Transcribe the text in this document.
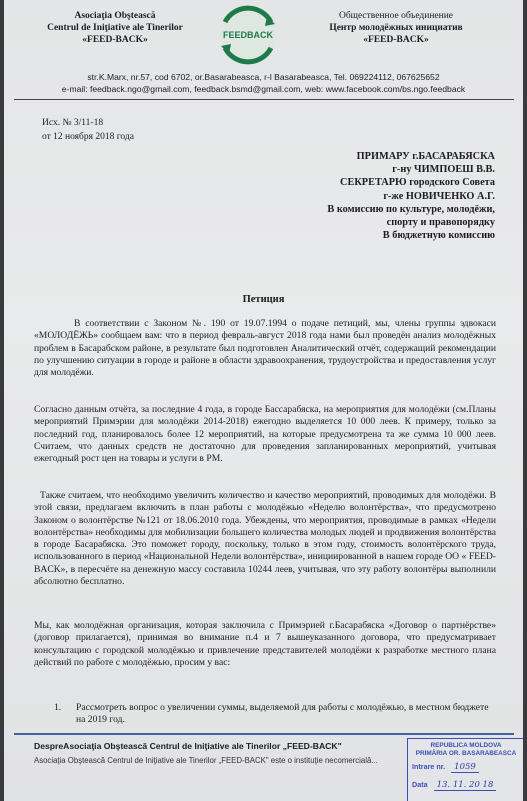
Asociaţia Obştească
Centrul de Iniţiative ale Tinerilor
«FEED-BACK»	FEEDBACK
Общественное объединение
Центр молодёжных инициатив
«FEED-BACK»
str.K.Marx, nr.57, cod 6702, or.Basarabeasca, r-l Basarabeasca, Tel. 069224112, 067625652
e-mail: feedback.ngo@gmail.com, feedback.bsmd@gmail.com, web: www.facebook.com/bs.ngo.feedback
Исх. № 3/11-18
от 12 ноября 2018 года
ПРИМАРУ г.БАСАРАБЯСКА
г-ну ЧИМПОЕШ В.В.
СЕКРЕТАРЮ городского Совета
г-же НОВИЧЕНКО А.Г.
В комиссию по культуре, молодёжи,
спорту и правопорядку
В бюджетную комиссию
Петиция

В соответствии с Законом №. 190 от 19.07.1994 о подаче петиций, мы, члены группы эдвокаси «МОЛОДЁЖЬ» сообщаем вам: что в период февраль-август 2018 года нами был проведён анализ молодёжных проблем в Басарабском районе, в результате был подготовлен Аналитический отчёт, содержащий рекомендации по улучшению ситуации в городе и районе в области здравоохранения, трудоустройства и предоставления услуг для молодёжи.

Согласно данным отчёта, за последние 4 года, в городе Бассарабяска, на мероприятия для молодёжи (см.Планы мероприятий Примэрии для молодёжи 2014-2018) ежегодно выделяется 10 000 леев. К примеру, только за последний год, планировалось более 12 мероприятий, на которые предусмотрена та же сумма 10 000 леев. Считаем, что данных средств не достаточно для проведения запланированных мероприятий, учитывая ежегодный рост цен на товары и услуги в РМ.

Также считаем, что необходимо увеличить количество и качество мероприятий, проводимых для молодёжи. В этой связи, предлагаем включить в план работы с молодёжью «Неделю волонтёрства», что предусмотрено Законом о волонтёрстве №121 от 18.06.2010 года. Убеждены, что мероприятия, проводимые в рамках «Недели волонтёрства» необходимы для мобилизации большего количества молодых людей и продвижения волонтёрства в городе Басарабяска. Это поможет городу, поскольку, только в этом году, стоимость волонтёрского труда, использованного в период «Национальной Недели волонтёрства», инициированной в нашем городе ОО « FEED-BACK», в пересчёте на денежную массу составила 10244 леев, учитывая, что эту работу волонтёры выполнили абсолютно бесплатно.

Мы, как молодёжная организация, которая заключила с Примэрией г.Басарабяска «Договор о партнёрстве» (договор прилагается), принимая во внимание п.4 и 7 вышеуказанного договора, что предусматривает консультацию с городской молодёжью и привлечение представителей молодёжи к разработке местного плана действий по работе с молодёжью, просим у вас:

1. Рассмотреть вопрос о увеличении суммы, выделяемой для работы с молодёжью, в местном бюджете на 2019 год.
DespreAsociaţia Obştească Centrul de Iniţiative ale Tinerilor „FEED-BACK"
Asociaţia Obştească Centrul de Iniţiative ale Tinerilor „FEED-BACK" este o instituţie necomercială...
REPUBLICA MOLDOVA
PRIMĂRIA OR. BASARABEASCA
Intrare nr. 1059
Data 13. 11. 20 18
